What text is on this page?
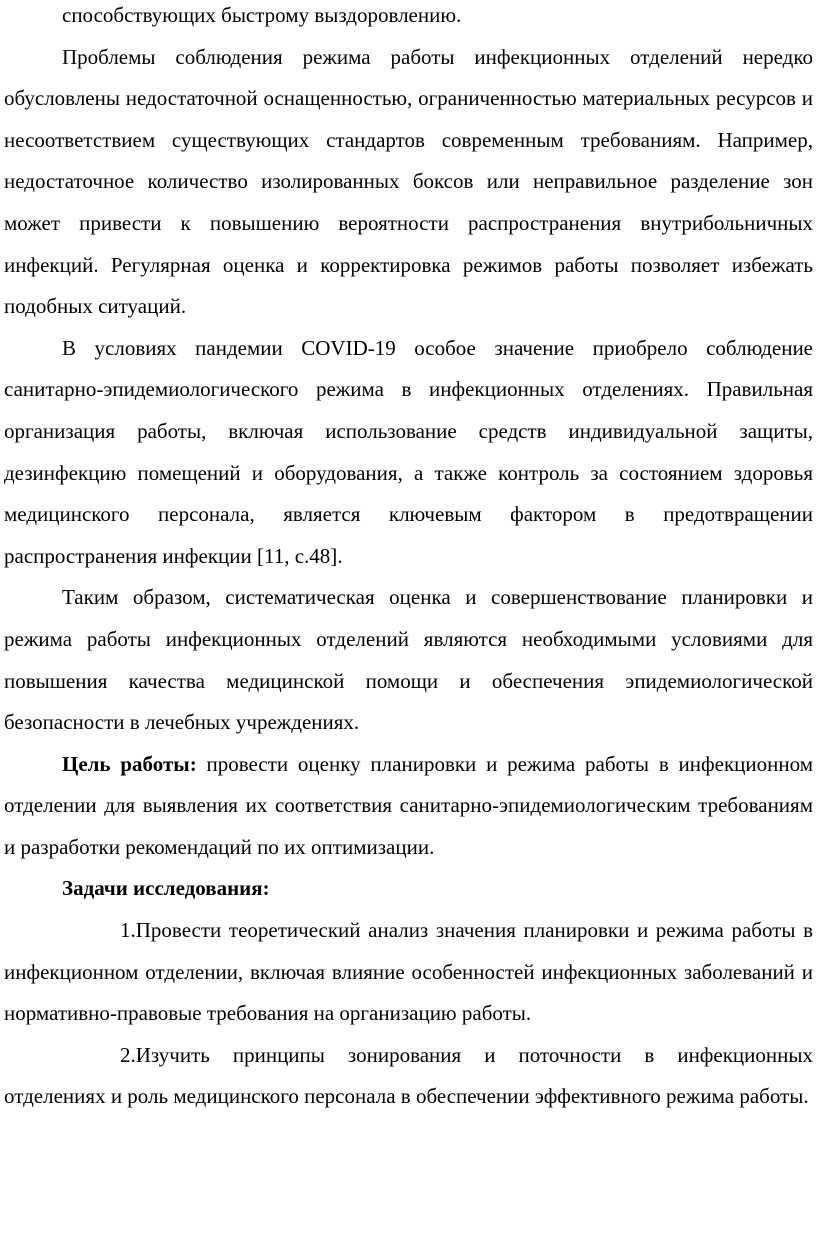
способствующих быстрому выздоровлению.

Проблемы соблюдения режима работы инфекционных отделений нередко обусловлены недостаточной оснащенностью, ограниченностью материальных ресурсов и несоответствием существующих стандартов современным требованиям. Например, недостаточное количество изолированных боксов или неправильное разделение зон может привести к повышению вероятности распространения внутрибольничных инфекций. Регулярная оценка и корректировка режимов работы позволяет избежать подобных ситуаций.

В условиях пандемии COVID-19 особое значение приобрело соблюдение санитарно-эпидемиологического режима в инфекционных отделениях. Правильная организация работы, включая использование средств индивидуальной защиты, дезинфекцию помещений и оборудования, а также контроль за состоянием здоровья медицинского персонала, является ключевым фактором в предотвращении распространения инфекции [11, с.48].

Таким образом, систематическая оценка и совершенствование планировки и режима работы инфекционных отделений являются необходимыми условиями для повышения качества медицинской помощи и обеспечения эпидемиологической безопасности в лечебных учреждениях.

Цель работы: провести оценку планировки и режима работы в инфекционном отделении для выявления их соответствия санитарно-эпидемиологическим требованиям и разработки рекомендаций по их оптимизации.

Задачи исследования:

1.Провести теоретический анализ значения планировки и режима работы в инфекционном отделении, включая влияние особенностей инфекционных заболеваний и нормативно-правовые требования на организацию работы.

2.Изучить принципы зонирования и поточности в инфекционных отделениях и роль медицинского персонала в обеспечении эффективного режима работы.
